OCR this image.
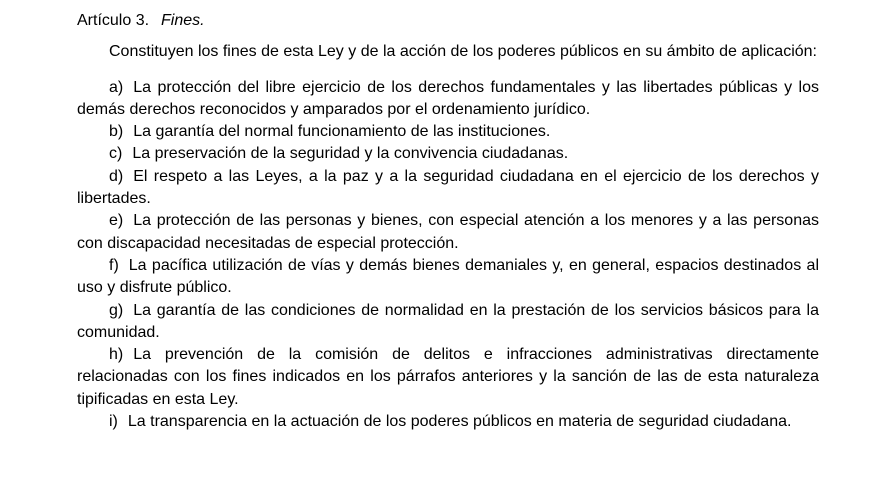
Artículo 3. Fines.

Constituyen los fines de esta Ley y de la acción de los poderes públicos en su ámbito de aplicación:

a) La protección del libre ejercicio de los derechos fundamentales y las libertades públicas y los demás derechos reconocidos y amparados por el ordenamiento jurídico.

b) La garantía del normal funcionamiento de las instituciones.

c) La preservación de la seguridad y la convivencia ciudadanas.

d) El respeto a las Leyes, a la paz y a la seguridad ciudadana en el ejercicio de los derechos y libertades.

e) La protección de las personas y bienes, con especial atención a los menores y a las personas con discapacidad necesitadas de especial protección.

f) La pacífica utilización de vías y demás bienes demaniales y, en general, espacios destinados al uso y disfrute público.

g) La garantía de las condiciones de normalidad en la prestación de los servicios básicos para la comunidad.

h) La prevención de la comisión de delitos e infracciones administrativas directamente relacionadas con los fines indicados en los párrafos anteriores y la sanción de las de esta naturaleza tipificadas en esta Ley.

i) La transparencia en la actuación de los poderes públicos en materia de seguridad ciudadana.
